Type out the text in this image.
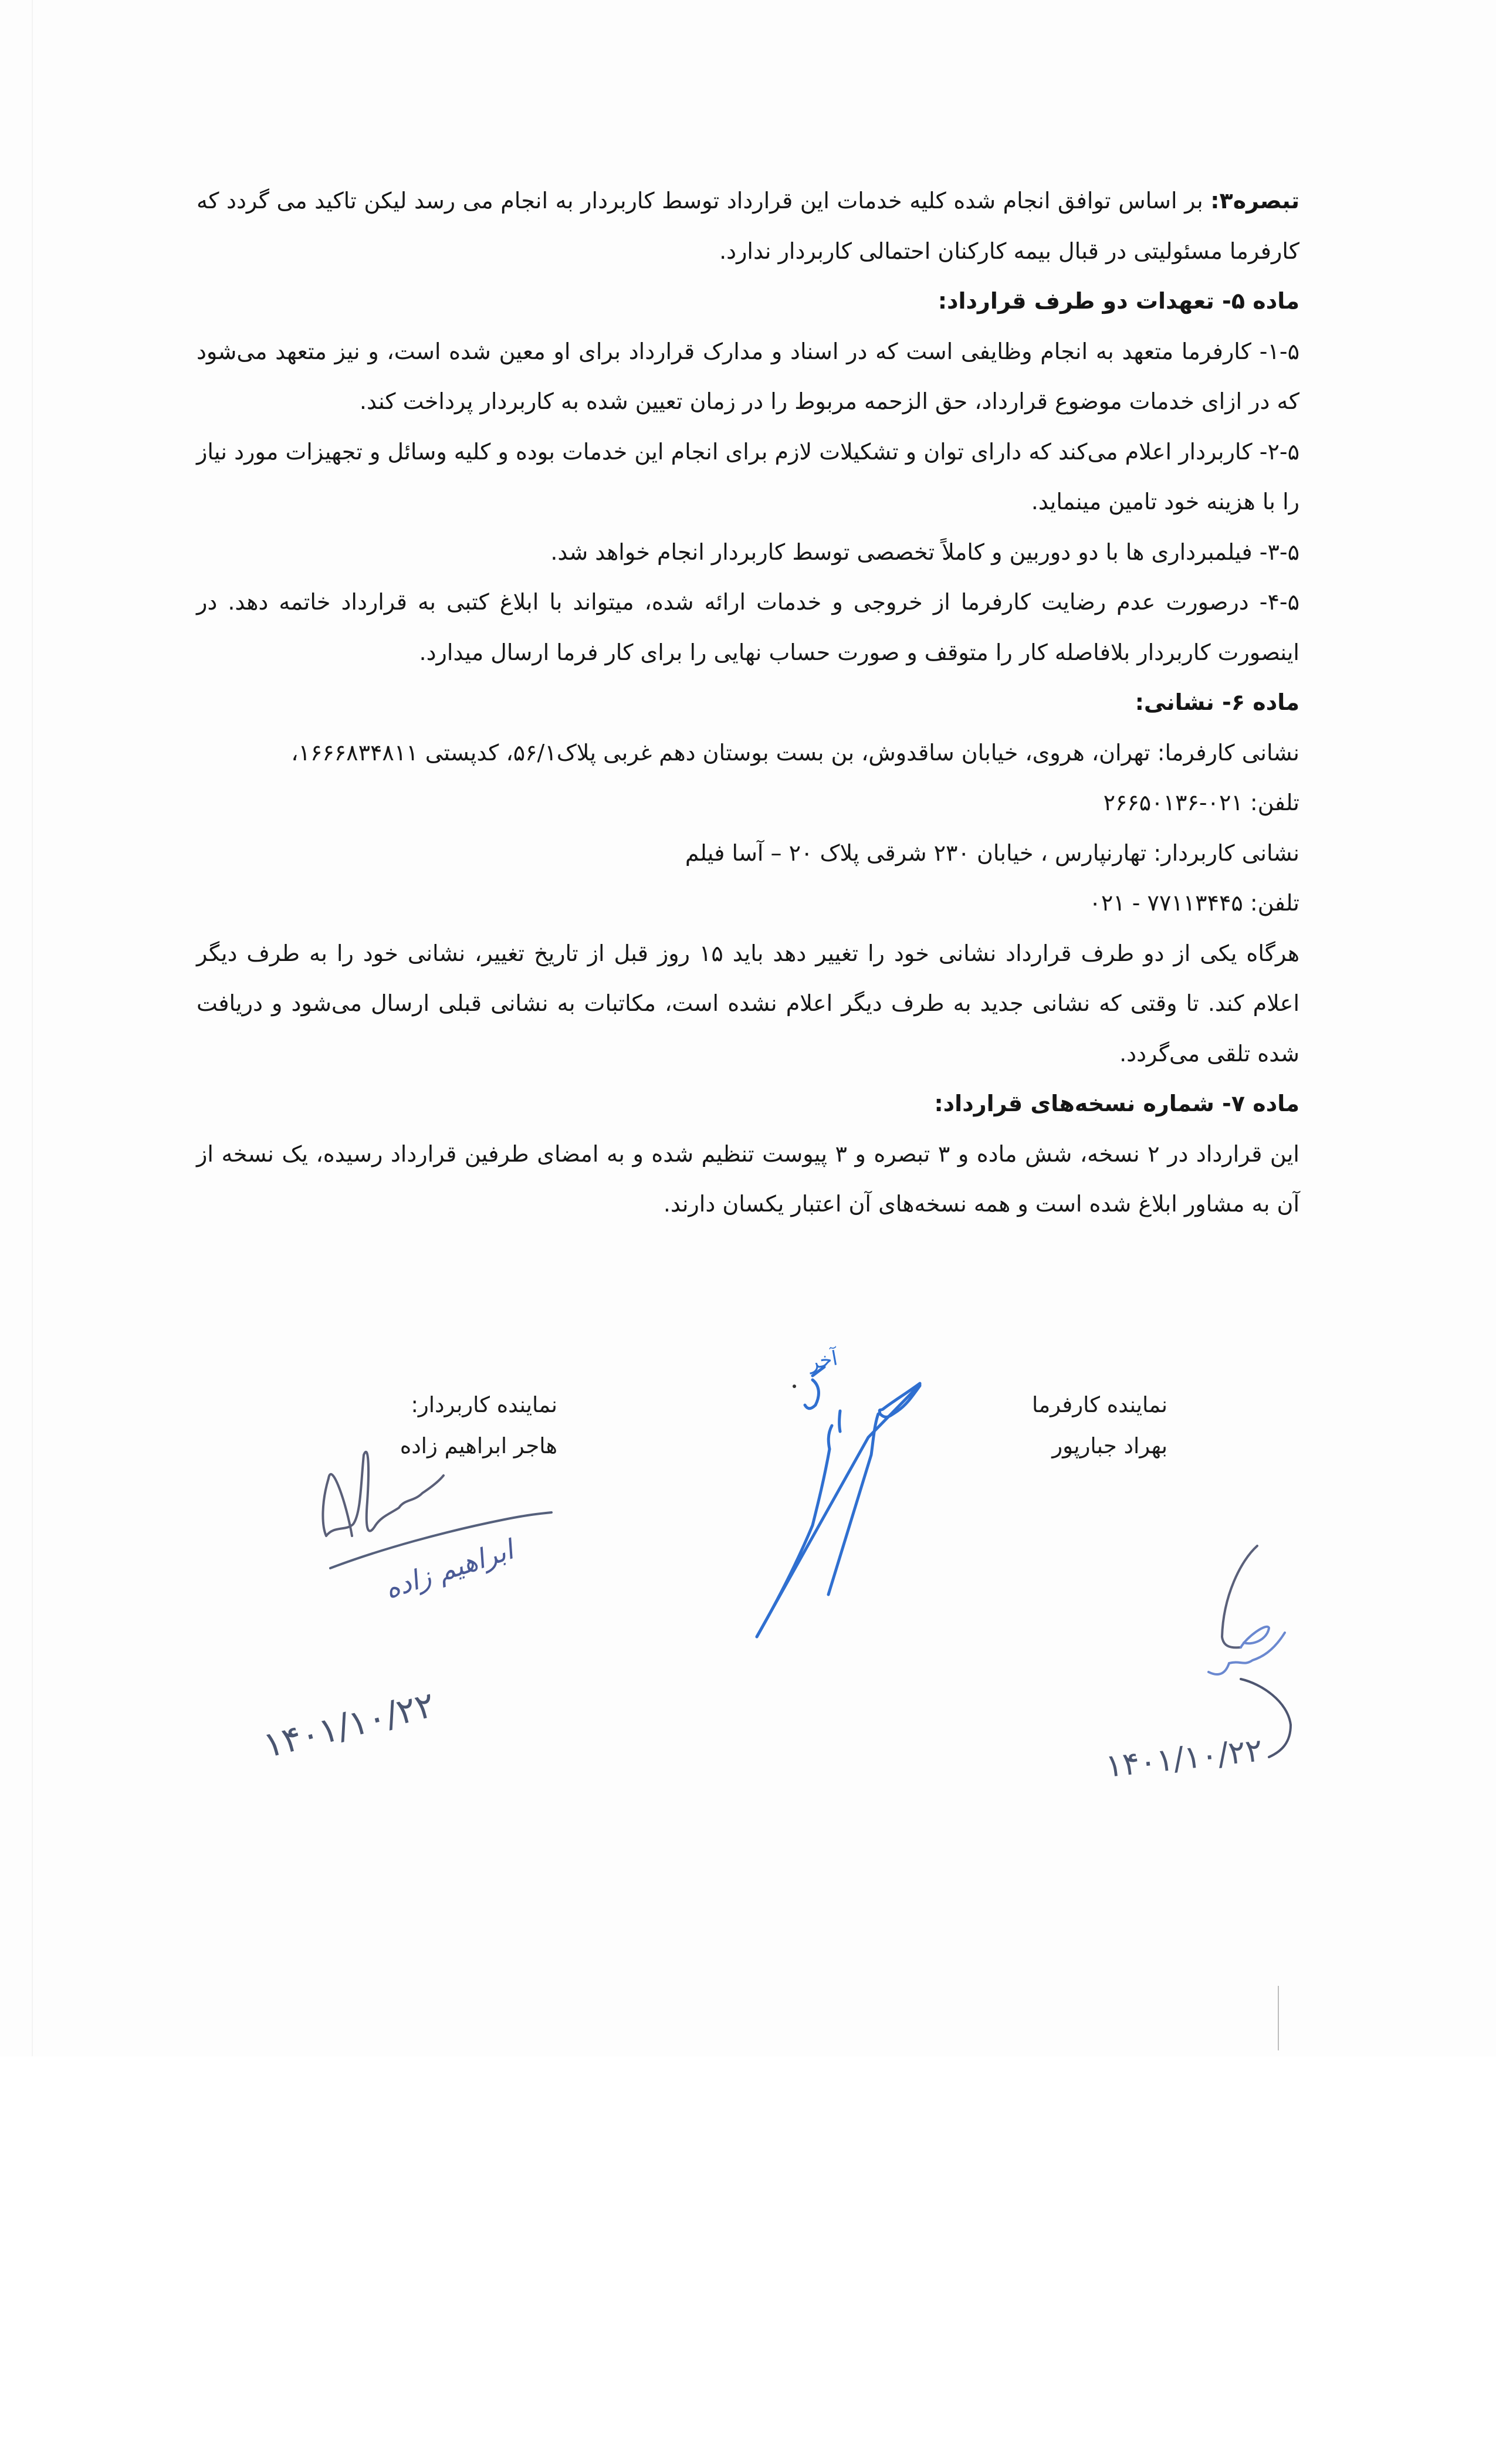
تبصره۳: بر اساس توافق انجام شده کلیه خدمات این قرارداد توسط کاربردار به انجام می رسد لیکن تاکید می گردد که کارفرما مسئولیتی در قبال بیمه کارکنان احتمالی کاربردار ندارد.

ماده ۵- تعهدات دو طرف قرارداد:

۱-۵- کارفرما متعهد به انجام وظایفی است که در اسناد و مدارک قرارداد برای او معین شده است، و نیز متعهد می‌شود که در ازای خدمات موضوع قرارداد، حق الزحمه مربوط را در زمان تعیین شده به کاربردار پرداخت کند.

۲-۵- کاربردار اعلام می‌کند که دارای توان و تشکیلات لازم برای انجام این خدمات بوده و کلیه وسائل و تجهیزات مورد نیاز را با هزینه خود تامین مینماید.

۳-۵- فیلمبرداری ها با دو دوربین و کاملاً تخصصی توسط کاربردار انجام خواهد شد.

۴-۵- درصورت عدم رضایت کارفرما از خروجی و خدمات ارائه شده، میتواند با ابلاغ کتبی به قرارداد خاتمه دهد. در اینصورت کاربردار بلافاصله کار را متوقف و صورت حساب نهایی را برای کار فرما ارسال میدارد.

ماده ۶- نشانی:

نشانی کارفرما: تهران، هروی، خیابان ساقدوش، بن بست بوستان دهم غربی پلاک۵۶/۱، کدپستی ۱۶۶۶۸۳۴۸۱۱،

تلفن: ۰۲۱-۲۶۶۵۰۱۳۶

نشانی کاربردار: تهارنپارس ، خیابان ۲۳۰ شرقی پلاک ۲۰ – آسا فیلم

تلفن: ۷۷۱۱۳۴۴۵ - ۰۲۱

هرگاه یکی از دو طرف قرارداد نشانی خود را تغییر دهد باید ۱۵ روز قبل از تاریخ تغییر، نشانی خود را به طرف دیگر اعلام کند. تا وقتی که نشانی جدید به طرف دیگر اعلام نشده است، مکاتبات به نشانی قبلی ارسال می‌شود و دریافت شده تلقی می‌گردد.

ماده ۷- شماره نسخه‌های قرارداد:

این قرارداد در ۲ نسخه، شش ماده و ۳ تبصره و ۳ پیوست تنظیم شده و به امضای طرفین قرارداد رسیده، یک نسخه از آن به مشاور ابلاغ شده است و همه نسخه‌های آن اعتبار یکسان دارند.

نماینده کارفرما
بهراد جبارپور
نماینده کاربردار:
هاجر ابراهیم زاده
ابراهیم زاده
۱۴۰۱/۱۰/۲۲
آخر
۱۴۰۱/۱۰/۲۲
